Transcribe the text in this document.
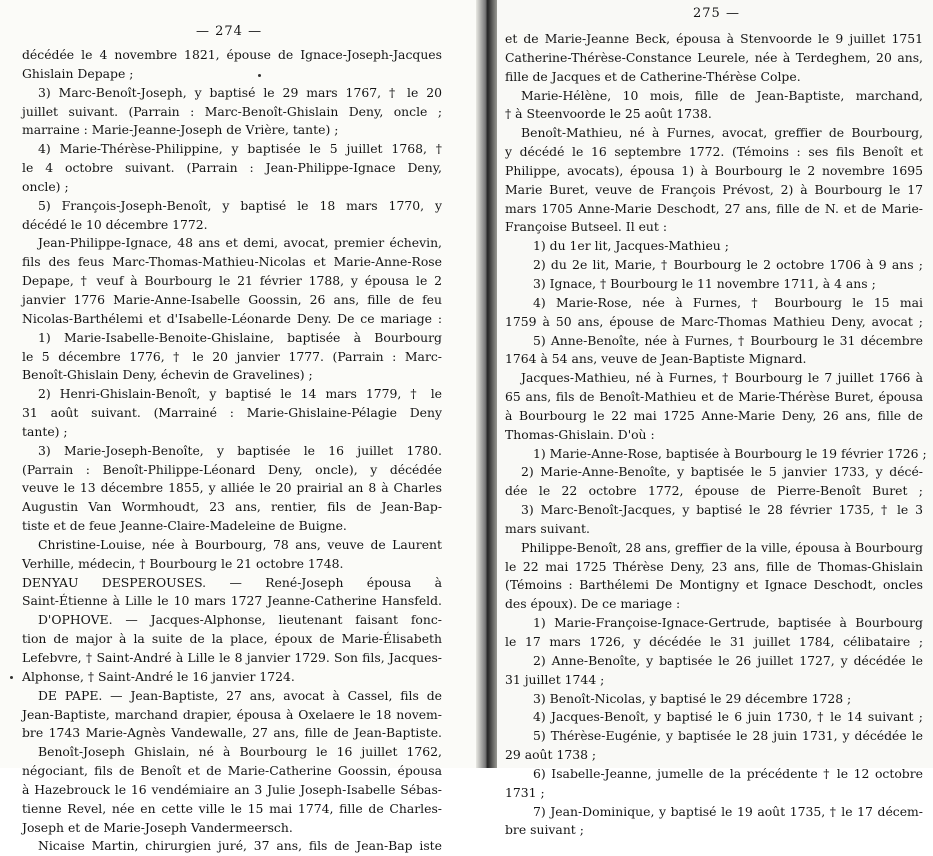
— 274 —

décédée le 4 novembre 1821, épouse de Ignace-Joseph-Jacques

Ghislain Depape ;

3) Marc-Benoît-Joseph, y baptisé le 29 mars 1767, † le 20

juillet suivant. (Parrain : Marc-Benoît-Ghislain Deny, oncle ;

marraine : Marie-Jeanne-Joseph de Vrière, tante) ;

4) Marie-Thérèse-Philippine, y baptisée le 5 juillet 1768, †

le 4 octobre suivant. (Parrain : Jean-Philippe-Ignace Deny,

oncle) ;

5) François-Joseph-Benoît, y baptisé le 18 mars 1770, y

décédé le 10 décembre 1772.

Jean-Philippe-Ignace, 48 ans et demi, avocat, premier échevin,

fils des feus Marc-Thomas-Mathieu-Nicolas et Marie-Anne-Rose

Depape, † veuf à Bourbourg le 21 février 1788, y épousa le 2

janvier 1776 Marie-Anne-Isabelle Goossin, 26 ans, fille de feu

Nicolas-Barthélemi et d'Isabelle-Léonarde Deny. De ce mariage :

1) Marie-Isabelle-Benoite-Ghislaine, baptisée à Bourbourg

le 5 décembre 1776, † le 20 janvier 1777. (Parrain : Marc-

Benoît-Ghislain Deny, échevin de Gravelines) ;

2) Henri-Ghislain-Benoît, y baptisé le 14 mars 1779, † le

31 août suivant. (Marrainé : Marie-Ghislaine-Pélagie Deny

tante) ;

3) Marie-Joseph-Benoîte, y baptisée le 16 juillet 1780.

(Parrain : Benoît-Philippe-Léonard Deny, oncle), y décédée

veuve le 13 décembre 1855, y alliée le 20 prairial an 8 à Charles

Augustin Van Wormhoudt, 23 ans, rentier, fils de Jean-Bap-

tiste et de feue Jeanne-Claire-Madeleine de Buigne.

Christine-Louise, née à Bourbourg, 78 ans, veuve de Laurent

Verhille, médecin, † Bourbourg le 21 octobre 1748.

DENYAU DESPEROUSES. — René-Joseph épousa à

Saint-Étienne à Lille le 10 mars 1727 Jeanne-Catherine Hansfeld.

D'OPHOVE. — Jacques-Alphonse, lieutenant faisant fonc-

tion de major à la suite de la place, époux de Marie-Élisabeth

Lefebvre, † Saint-André à Lille le 8 janvier 1729. Son fils, Jacques-

Alphonse, † Saint-André le 16 janvier 1724.

DE PAPE. — Jean-Baptiste, 27 ans, avocat à Cassel, fils de

Jean-Baptiste, marchand drapier, épousa à Oxelaere le 18 novem-

bre 1743 Marie-Agnès Vandewalle, 27 ans, fille de Jean-Baptiste.

Benoît-Joseph Ghislain, né à Bourbourg le 16 juillet 1762,

négociant, fils de Benoît et de Marie-Catherine Goossin, épousa

à Hazebrouck le 16 vendémiaire an 3 Julie Joseph-Isabelle Sébas-

tienne Revel, née en cette ville le 15 mai 1774, fille de Charles-

Joseph et de Marie-Joseph Vandermeersch.

Nicaise Martin, chirurgien juré, 37 ans, fils de Jean-Bap iste

275 —

et de Marie-Jeanne Beck, épousa à Stenvoorde le 9 juillet 1751

Catherine-Thérèse-Constance Leurele, née à Terdeghem, 20 ans,

fille de Jacques et de Catherine-Thérèse Colpe.

Marie-Hélène, 10 mois, fille de Jean-Baptiste, marchand,

† à Steenvoorde le 25 août 1738.

Benoît-Mathieu, né à Furnes, avocat, greffier de Bourbourg,

y décédé le 16 septembre 1772. (Témoins : ses fils Benoît et

Philippe, avocats), épousa 1) à Bourbourg le 2 novembre 1695

Marie Buret, veuve de François Prévost, 2) à Bourbourg le 17

mars 1705 Anne-Marie Deschodt, 27 ans, fille de N. et de Marie-

Françoise Butseel. Il eut :

1) du 1er lit, Jacques-Mathieu ;

2) du 2e lit, Marie, † Bourbourg le 2 octobre 1706 à 9 ans ;

3) Ignace, † Bourbourg le 11 novembre 1711, à 4 ans ;

4) Marie-Rose, née à Furnes, † Bourbourg le 15 mai

1759 à 50 ans, épouse de Marc-Thomas Mathieu Deny, avocat ;

5) Anne-Benoîte, née à Furnes, † Bourbourg le 31 décembre

1764 à 54 ans, veuve de Jean-Baptiste Mignard.

Jacques-Mathieu, né à Furnes, † Bourbourg le 7 juillet 1766 à

65 ans, fils de Benoît-Mathieu et de Marie-Thérèse Buret, épousa

à Bourbourg le 22 mai 1725 Anne-Marie Deny, 26 ans, fille de

Thomas-Ghislain. D'où :

1) Marie-Anne-Rose, baptisée à Bourbourg le 19 février 1726 ;

2) Marie-Anne-Benoîte, y baptisée le 5 janvier 1733, y décé-

dée le 22 octobre 1772, épouse de Pierre-Benoît Buret ;

3) Marc-Benoît-Jacques, y baptisé le 28 février 1735, † le 3

mars suivant.

Philippe-Benoît, 28 ans, greffier de la ville, épousa à Bourbourg

le 22 mai 1725 Thérèse Deny, 23 ans, fille de Thomas-Ghislain

(Témoins : Barthélemi De Montigny et Ignace Deschodt, oncles

des époux). De ce mariage :

1) Marie-Françoise-Ignace-Gertrude, baptisée à Bourbourg

le 17 mars 1726, y décédée le 31 juillet 1784, célibataire ;

2) Anne-Benoîte, y baptisée le 26 juillet 1727, y décédée le

31 juillet 1744 ;

3) Benoît-Nicolas, y baptisé le 29 décembre 1728 ;

4) Jacques-Benoît, y baptisé le 6 juin 1730, † le 14 suivant ;

5) Thérèse-Eugénie, y baptisée le 28 juin 1731, y décédée le

29 août 1738 ;

6) Isabelle-Jeanne, jumelle de la précédente † le 12 octobre

1731 ;

7) Jean-Dominique, y baptisé le 19 août 1735, † le 17 décem-

bre suivant ;
